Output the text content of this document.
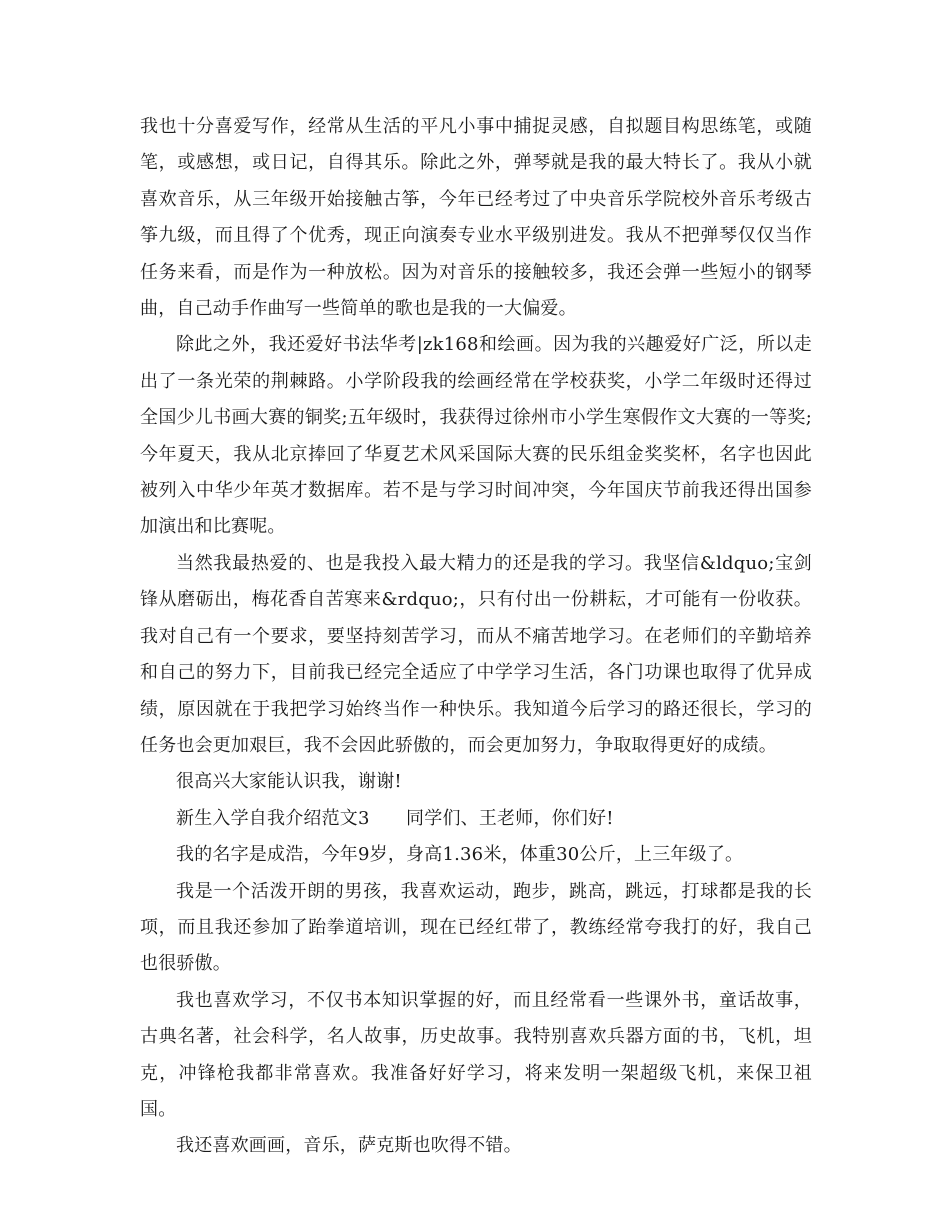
我也十分喜爱写作，经常从生活的平凡小事中捕捉灵感，自拟题目构思练笔，或随笔，或感想，或日记，自得其乐。除此之外，弹琴就是我的最大特长了。我从小就喜欢音乐，从三年级开始接触古筝，今年已经考过了中央音乐学院校外音乐考级古筝九级，而且得了个优秀，现正向演奏专业水平级别进发。我从不把弹琴仅仅当作任务来看，而是作为一种放松。因为对音乐的接触较多，我还会弹一些短小的钢琴曲，自己动手作曲写一些简单的歌也是我的一大偏爱。

除此之外，我还爱好书法华考|zk168和绘画。因为我的兴趣爱好广泛，所以走出了一条光荣的荆棘路。小学阶段我的绘画经常在学校获奖，小学二年级时还得过全国少儿书画大赛的铜奖;五年级时，我获得过徐州市小学生寒假作文大赛的一等奖;今年夏天，我从北京捧回了华夏艺术风采国际大赛的民乐组金奖奖杯，名字也因此被列入中华少年英才数据库。若不是与学习时间冲突，今年国庆节前我还得出国参加演出和比赛呢。

当然我最热爱的、也是我投入最大精力的还是我的学习。我坚信&ldquo;宝剑锋从磨砺出，梅花香自苦寒来&rdquo;，只有付出一份耕耘，才可能有一份收获。我对自己有一个要求，要坚持刻苦学习，而从不痛苦地学习。在老师们的辛勤培养和自己的努力下，目前我已经完全适应了中学学习生活，各门功课也取得了优异成绩，原因就在于我把学习始终当作一种快乐。我知道今后学习的路还很长，学习的任务也会更加艰巨，我不会因此骄傲的，而会更加努力，争取取得更好的成绩。

很高兴大家能认识我，谢谢!

新生入学自我介绍范文3　　同学们、王老师，你们好!

我的名字是成浩，今年9岁，身高1.36米，体重30公斤，上三年级了。

我是一个活泼开朗的男孩，我喜欢运动，跑步，跳高，跳远，打球都是我的长项，而且我还参加了跆拳道培训，现在已经红带了，教练经常夸我打的好，我自己也很骄傲。

我也喜欢学习，不仅书本知识掌握的好，而且经常看一些课外书，童话故事，古典名著，社会科学，名人故事，历史故事。我特别喜欢兵器方面的书，飞机，坦克，冲锋枪我都非常喜欢。我准备好好学习，将来发明一架超级飞机，来保卫祖国。

我还喜欢画画，音乐，萨克斯也吹得不错。
